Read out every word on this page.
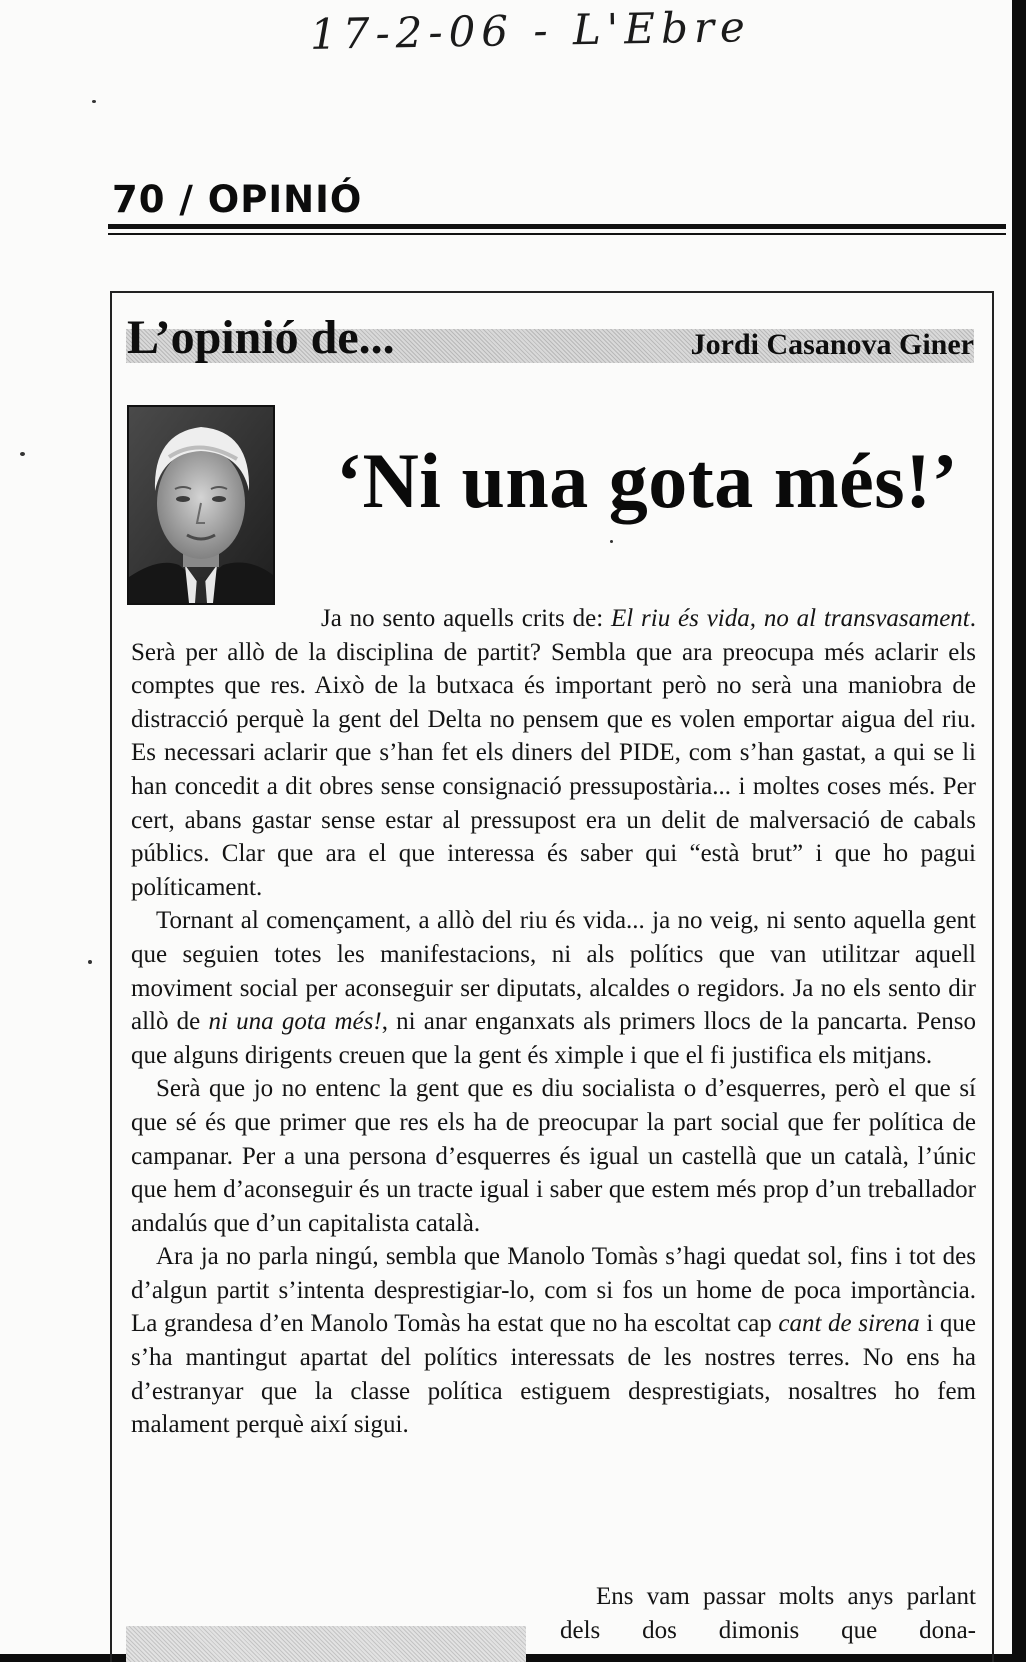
17-2-06 - L'Ebre
70 / OPINIÓ
L’opinió de...	Jordi Casanova Giner
‘Ni una gota més!’

Ja no sento aquells crits de: El riu és vida, no al transvasament. Serà per allò de la disciplina de partit? Sembla que ara preocupa més aclarir els comptes que res. Això de la butxaca és important però no serà una maniobra de distracció perquè la gent del Delta no pensem que es volen emportar aigua del riu. Es necessari aclarir que s’han fet els diners del PIDE, com s’han gastat, a qui se li han concedit a dit obres sense consignació pressupostària... i moltes coses més. Per cert, abans gastar sense estar al pressupost era un delit de malversació de cabals públics. Clar que ara el que interessa és saber qui “està brut” i que ho pagui políticament.

Tornant al començament, a allò del riu és vida... ja no veig, ni sento aquella gent que seguien totes les manifestacions, ni als polítics que van utilitzar aquell moviment social per aconseguir ser diputats, alcaldes o regidors. Ja no els sento dir allò de ni una gota més!, ni anar enganxats als primers llocs de la pancarta. Penso que alguns dirigents creuen que la gent és ximple i que el fi justifica els mitjans.

Serà que jo no entenc la gent que es diu socialista o d’esquerres, però el que sí que sé és que primer que res els ha de preocupar la part social que fer política de campanar. Per a una persona d’esquerres és igual un castellà que un català, l’únic que hem d’aconseguir és un tracte igual i saber que estem més prop d’un treballador andalús que d’un capitalista català.

Ara ja no parla ningú, sembla que Manolo Tomàs s’hagi quedat sol, fins i tot des d’algun partit s’intenta desprestigiar-lo, com si fos un home de poca importància. La grandesa d’en Manolo Tomàs ha estat que no ha escoltat cap cant de sirena i que s’ha mantingut apartat del polítics interessats de les nostres terres. No ens ha d’estranyar que la classe política estiguem desprestigiats, nosaltres ho fem malament perquè així sigui.

Ens vam passar molts anys parlant dels dos dimonis que dona-
